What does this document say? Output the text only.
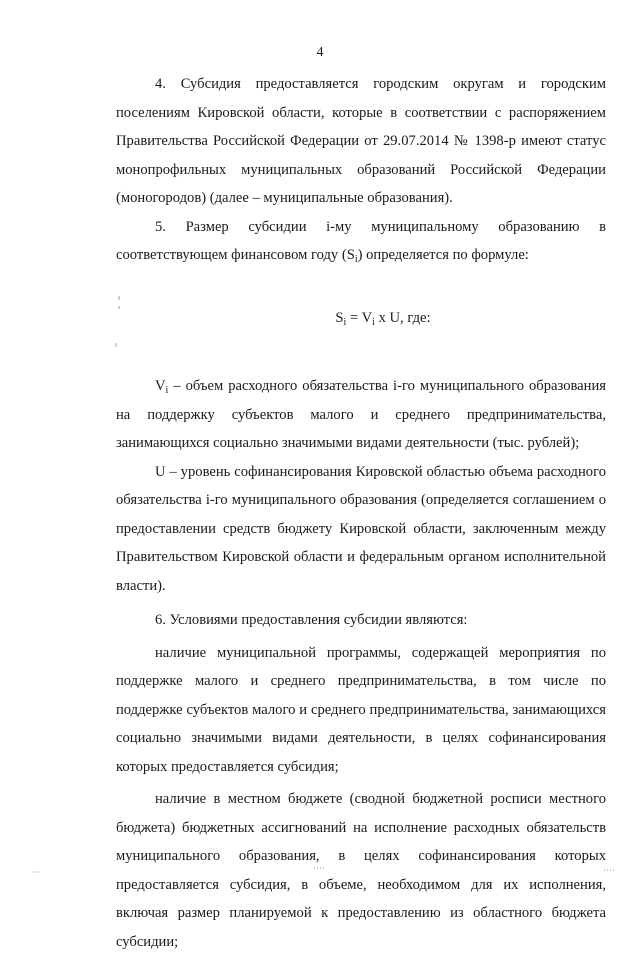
4

4. Субсидия предоставляется городским округам и городским поселениям Кировской области, которые в соответствии с распоряжением Правительства Российской Федерации от 29.07.2014 № 1398-р имеют статус монопрофильных муниципальных образований Российской Федерации (моногородов) (далее – муниципальные образования).

5. Размер субсидии i-му муниципальному образованию в соответствующем финансовом году $(S_i)$ определяется по формуле:

$S_i = V_i$ x U, где:

$V_i$ – объем расходного обязательства i-го муниципального образования на поддержку субъектов малого и среднего предпринимательства, занимающихся социально значимыми видами деятельности (тыс. рублей);

U – уровень софинансирования Кировской областью объема расходного обязательства i-го муниципального образования (определяется соглашением о предоставлении средств бюджету Кировской области, заключенным между Правительством Кировской области и федеральным органом исполнительной власти).

6. Условиями предоставления субсидии являются:

наличие муниципальной программы, содержащей мероприятия по поддержке малого и среднего предпринимательства, в том числе по поддержке субъектов малого и среднего предпринимательства, занимающихся социально значимыми видами деятельности, в целях софинансирования которых предоставляется субсидия;

наличие в местном бюджете (сводной бюджетной росписи местного бюджета) бюджетных ассигнований на исполнение расходных обязательств муниципального образования, в целях софинансирования которых предоставляется субсидия, в объеме, необходимом для их исполнения, включая размер планируемой к предоставлению из областного бюджета субсидии;
